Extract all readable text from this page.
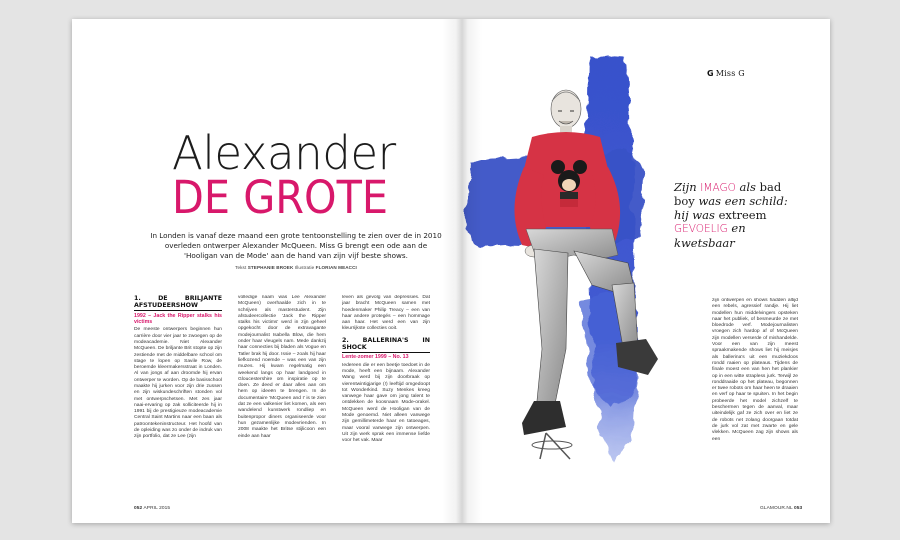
Alexander
DE GROTE

In Londen is vanaf deze maand een grote tentoonstelling te zien over de in 2010 overleden ontwerper Alexander McQueen. Miss G brengt een ode aan de 'Hooligan van de Mode' aan de hand van zijn vijf beste shows.

Tekst STEPHANIE BROEK Illustratie FLORIAN MEACCI

1. DE BRILJANTE AFSTUDEERSHOW
1992 – Jack the Ripper stalks his victims

De meeste ontwerpers beginnen hun carrière door vier jaar te zwoegen op de modeacademie. Niet Alexander McQueen. De briljante Brit stopte op zijn zestiende met de middelbare school om stage te lopen op Savile Row, de beroemde kleermakersstraat in Londen. Al van jongs af aan droomde hij ervan ontwerper te worden. Op de basisschool maakte hij jurken voor zijn drie zussen en zijn wiskundeschriften stonden vol met ontwerpschetsen. Met zes jaar naai-ervaring op zak solliciteerde hij in 1991 bij de prestigieuze modeacademie Central Saint Martins naar een baan als patroontekeninstructeur. Het hoofd van de opleiding was zo onder de indruk van zijn portfolio, dat ze Lee (zijn

volledige naam was Lee Alexander McQueen) overhaalde zich in te schrijven als masterstudent. Zijn afstudeercollectie 'Jack the Ripper stalks his victims' werd in zijn geheel opgekocht door de extravagante modejournalist Isabella Blow, die hem onder haar vleugels nam. Mede dankzij haar connecties bij bladen als Vogue en Tatler brak hij door. Issie – zoals hij haar liefkozend noemde – was een van zijn muzes. Hij kwam regelmatig een weekend langs op haar landgoed in Gloucestershire om inspiratie op te doen. Ze deed er daar alles aan om hem op ideeën te brengen. In de documentaire 'McQueen and I' is te zien dat ze een valkenier liet komen, als een wandelend kunstwerk rondliep en buitenpropor diners organiseerde voor hun gezamenlijke modevrienden. In 2008 maakte het Britse stijlicoon een einde aan haar

leven als gevolg van depressies. Dat jaar bracht McQueen samen met hoedenmaker Philip Treacy – een van haar andere protegés – een hommage aan haar. Het werd een van zijn kleurrijkste collecties ooit.

2. BALLERINA'S IN SHOCK
Lente-zomer 1999 – No. 13

Iedereen die er een beetje toedoet in de mode, heeft een bijnaam. Alexander Wang werd bij zijn doorbraak op vierentwintigjarige (!) leeftijd omgedoopt tot Wonderkind. Suzy Menkes kreeg vanwege haar gave om jong talent te ontdekken de koosnaam Mode-orakel. McQueen werd de Hooligan van de Mode genoemd. Niet alleen vanwege zijn gemillimeterde haar en tatoeages, maar vooral vanwege zijn ontwerpen. Uit zijn werk sprak een immense liefde voor het vak. Maar

052 APRIL 2015
G Miss G

Zijn IMAGO als bad boy was een schild: hij was extreem GEVOELIG en kwetsbaar

zijn ontwerpen en shows hadden altijd een rebels, agressief randje. Hij liet modellen hun middelvingers opsteken naar het publiek, of besmeurde ze met bloedrode verf. Modejournalisten vroegen zich hardop af of McQueen zijn modellen verserde of mishandelde. Voor een van zijn meest spraakmakende shows liet hij meisjes als ballerina's uit een muziekdoos rondd raaien op plateaus. Tijdens de finale moest een van hen het plankier op in een witte strapless jurk. Terwijl ze ronddraaide op het plateau, begonnen er twee robots om haar heen te draaien en verf op haar te spuiten. In het begin probeerde het model zichzelf te beschermen tegen de aanval, maar uiteindelijk gaf ze zich over en liet ze de robots net zolang doorgaan totdat de jurk vol zat met zwarte en gele vlekken. McQueen zag zijn shows als een

GLAMOUR.NL 053
